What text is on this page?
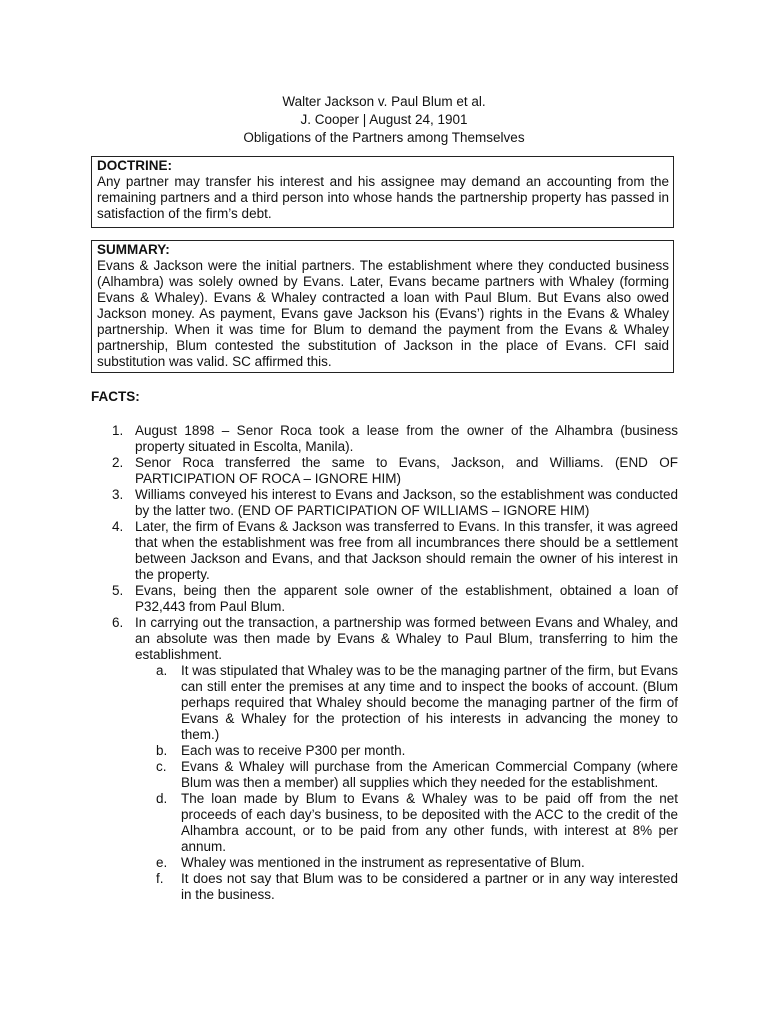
Walter Jackson v. Paul Blum et al.
J. Cooper | August 24, 1901
Obligations of the Partners among Themselves
DOCTRINE:
Any partner may transfer his interest and his assignee may demand an accounting from the remaining partners and a third person into whose hands the partnership property has passed in satisfaction of the firm’s debt.
SUMMARY:
Evans & Jackson were the initial partners. The establishment where they conducted business (Alhambra) was solely owned by Evans. Later, Evans became partners with Whaley (forming Evans & Whaley). Evans & Whaley contracted a loan with Paul Blum. But Evans also owed Jackson money. As payment, Evans gave Jackson his (Evans’) rights in the Evans & Whaley partnership. When it was time for Blum to demand the payment from the Evans & Whaley partnership, Blum contested the substitution of Jackson in the place of Evans. CFI said substitution was valid. SC affirmed this.
FACTS:
1. August 1898 – Senor Roca took a lease from the owner of the Alhambra (business property situated in Escolta, Manila).
2. Senor Roca transferred the same to Evans, Jackson, and Williams. (END OF PARTICIPATION OF ROCA – IGNORE HIM)
3. Williams conveyed his interest to Evans and Jackson, so the establishment was conducted by the latter two. (END OF PARTICIPATION OF WILLIAMS – IGNORE HIM)
4. Later, the firm of Evans & Jackson was transferred to Evans. In this transfer, it was agreed that when the establishment was free from all incumbrances there should be a settlement between Jackson and Evans, and that Jackson should remain the owner of his interest in the property.
5. Evans, being then the apparent sole owner of the establishment, obtained a loan of P32,443 from Paul Blum.
6. In carrying out the transaction, a partnership was formed between Evans and Whaley, and an absolute was then made by Evans & Whaley to Paul Blum, transferring to him the establishment.
a. It was stipulated that Whaley was to be the managing partner of the firm, but Evans can still enter the premises at any time and to inspect the books of account. (Blum perhaps required that Whaley should become the managing partner of the firm of Evans & Whaley for the protection of his interests in advancing the money to them.)
b. Each was to receive P300 per month.
c. Evans & Whaley will purchase from the American Commercial Company (where Blum was then a member) all supplies which they needed for the establishment.
d. The loan made by Blum to Evans & Whaley was to be paid off from the net proceeds of each day’s business, to be deposited with the ACC to the credit of the Alhambra account, or to be paid from any other funds, with interest at 8% per annum.
e. Whaley was mentioned in the instrument as representative of Blum.
f. It does not say that Blum was to be considered a partner or in any way interested in the business.
